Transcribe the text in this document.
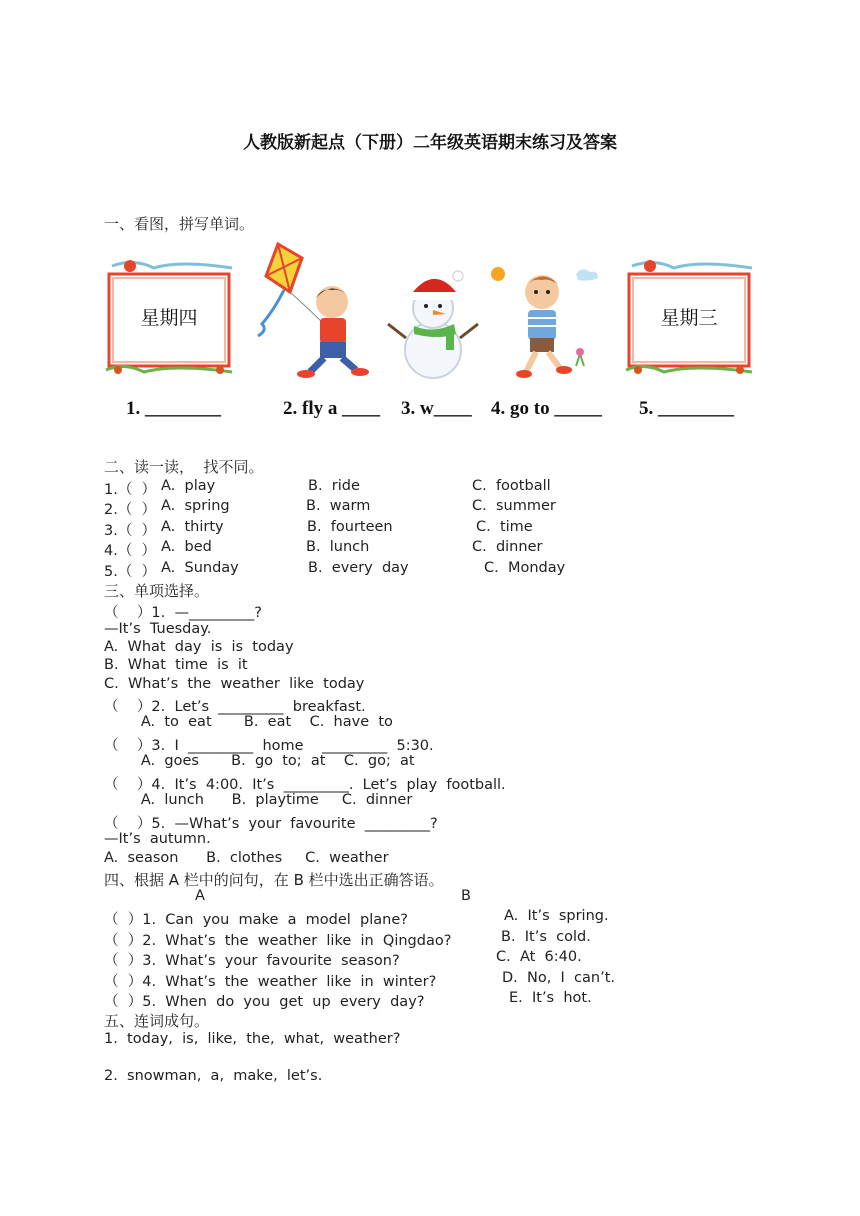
人教版新起点（下册）二年级英语期末练习及答案
一、看图，拼写单词。
星期四	星期三
1. ________	2. fly a ____ 3. w____ 4. go to _____ 5. ________
二、读一读，  找不同。
1.（  ） A.  play	B.  ride	C.  football
2.（  ） A.  spring	B.  warm	C.  summer
3.（  ） A.  thirty	B.  fourteen	C.  time
4.（  ） A.  bed	B.  lunch	C.  dinner
5.（  ） A.  Sunday	B.  every  day	C.  Monday
三、单项选择。
（    ）1.  —_________?
—It’s  Tuesday.
A.  What  day  is  is  today
B.  What  time  is  it
C.  What’s  the  weather  like  today
（    ）2.  Let’s  _________  breakfast.
A.  to  eat       B.  eat    C.  have  to
（    ）3.  I  _________  home    _________  5:30.
A.  goes       B.  go  to;  at    C.  go;  at
（    ）4.  It’s  4:00.  It’s  _________.  Let’s  play  football.
A.  lunch      B.  playtime     C.  dinner
（    ）5.  —What’s  your  favourite  _________?
—It’s  autumn.
A.  season      B.  clothes     C.  weather
四、根据 A 栏中的问句，在 B 栏中选出正确答语。
A	B
（  ）1.  Can  you  make  a  model  plane?
（  ）2.  What’s  the  weather  like  in  Qingdao?
（  ）3.  What’s  your  favourite  season?
（  ）4.  What’s  the  weather  like  in  winter?
（  ）5.  When  do  you  get  up  every  day?
A.  It’s  spring.
B.  It’s  cold.
C.  At  6:40.
D.  No,  I  can’t.
E.  It’s  hot.
五、连词成句。
1.  today,  is,  like,  the,  what,  weather?
2.  snowman,  a,  make,  let’s.
